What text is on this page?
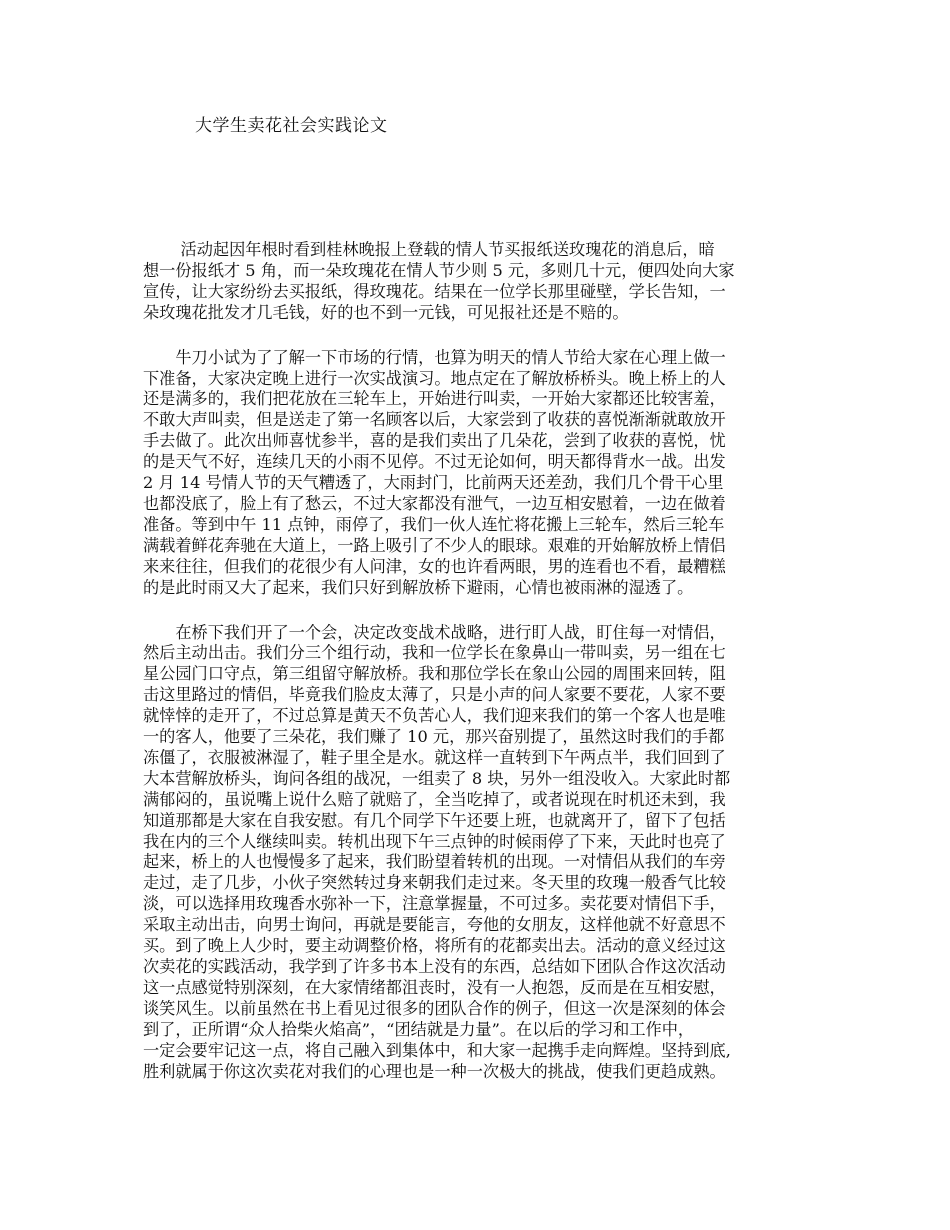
大学生卖花社会实践论文
　　 活动起因年根时看到桂林晚报上登载的情人节买报纸送玫瑰花的消息后，暗
想一份报纸才 5 角，而一朵玫瑰花在情人节少则 5 元，多则几十元，便四处向大家
宣传，让大家纷纷去买报纸，得玫瑰花。结果在一位学长那里碰壁，学长告知，一
朵玫瑰花批发才几毛钱，好的也不到一元钱，可见报社还是不赔的。
　　牛刀小试为了了解一下市场的行情，也算为明天的情人节给大家在心理上做一
下准备，大家决定晚上进行一次实战演习。地点定在了解放桥桥头。晚上桥上的人
还是满多的，我们把花放在三轮车上，开始进行叫卖，一开始大家都还比较害羞，
不敢大声叫卖，但是送走了第一名顾客以后，大家尝到了收获的喜悦渐渐就敢放开
手去做了。此次出师喜忧参半，喜的是我们卖出了几朵花，尝到了收获的喜悦，忧
的是天气不好，连续几天的小雨不见停。不过无论如何，明天都得背水一战。出发
2 月 14 号情人节的天气糟透了，大雨封门，比前两天还差劲，我们几个骨干心里
也都没底了，脸上有了愁云，不过大家都没有泄气，一边互相安慰着，一边在做着
准备。等到中午 11 点钟，雨停了，我们一伙人连忙将花搬上三轮车，然后三轮车
满载着鲜花奔驰在大道上，一路上吸引了不少人的眼球。艰难的开始解放桥上情侣
来来往往，但我们的花很少有人问津，女的也许看两眼，男的连看也不看，最糟糕
的是此时雨又大了起来，我们只好到解放桥下避雨，心情也被雨淋的湿透了。
　　在桥下我们开了一个会，决定改变战术战略，进行盯人战，盯住每一对情侣，
然后主动出击。我们分三个组行动，我和一位学长在象鼻山一带叫卖，另一组在七
星公园门口守点，第三组留守解放桥。我和那位学长在象山公园的周围来回转，阻
击这里路过的情侣，毕竟我们脸皮太薄了，只是小声的问人家要不要花，人家不要
就悻悻的走开了，不过总算是黄天不负苦心人，我们迎来我们的第一个客人也是唯
一的客人，他要了三朵花，我们赚了 10 元，那兴奋别提了，虽然这时我们的手都
冻僵了，衣服被淋湿了，鞋子里全是水。就这样一直转到下午两点半，我们回到了
大本营解放桥头，询问各组的战况，一组卖了 8 块，另外一组没收入。大家此时都
满郁闷的，虽说嘴上说什么赔了就赔了，全当吃掉了，或者说现在时机还未到，我
知道那都是大家在自我安慰。有几个同学下午还要上班，也就离开了，留下了包括
我在内的三个人继续叫卖。转机出现下午三点钟的时候雨停了下来，天此时也亮了
起来，桥上的人也慢慢多了起来，我们盼望着转机的出现。一对情侣从我们的车旁
走过，走了几步，小伙子突然转过身来朝我们走过来。冬天里的玫瑰一般香气比较
淡，可以选择用玫瑰香水弥补一下，注意掌握量，不可过多。卖花要对情侣下手，
采取主动出击，向男士询问，再就是要能言，夸他的女朋友，这样他就不好意思不
买。到了晚上人少时，要主动调整价格，将所有的花都卖出去。活动的意义经过这
次卖花的实践活动，我学到了许多书本上没有的东西，总结如下团队合作这次活动
这一点感觉特别深刻，在大家情绪都沮丧时，没有一人抱怨，反而是在互相安慰，
谈笑风生。以前虽然在书上看见过很多的团队合作的例子，但这一次是深刻的体会
到了，正所谓“众人拾柴火焰高”，“团结就是力量”。在以后的学习和工作中，
一定会要牢记这一点，将自己融入到集体中，和大家一起携手走向辉煌。坚持到底,
胜利就属于你这次卖花对我们的心理也是一种一次极大的挑战，使我们更趋成熟。
